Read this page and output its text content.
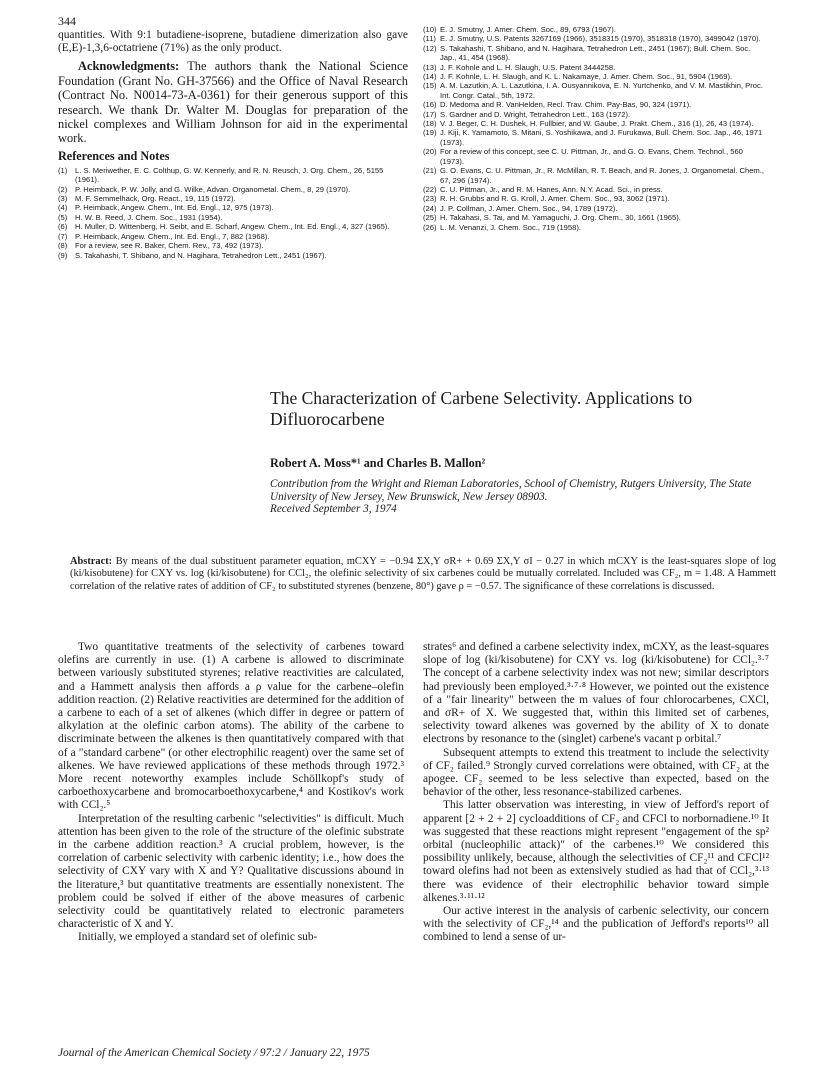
344
quantities. With 9:1 butadiene-isoprene, butadiene dimerization also gave (E,E)-1,3,6-octatriene (71%) as the only product.
Acknowledgments: The authors thank the National Science Foundation (Grant No. GH-37566) and the Office of Naval Research (Contract No. N0014-73-A-0361) for their generous support of this research. We thank Dr. Walter M. Douglas for preparation of the nickel complexes and William Johnson for aid in the experimental work.
References and Notes
(1)	L. S. Meriwether, E. C. Colthup, G. W. Kennerly, and R. N. Reusch, J. Org. Chem., 26, 5155 (1961).
(2)	P. Heimback, P. W. Jolly, and G. Wilke, Advan. Organometal. Chem., 8, 29 (1970).
(3)	M. F. Semmelhack, Org. React., 19, 115 (1972).
(4)	P. Heimback, Angew. Chem., Int. Ed. Engl., 12, 975 (1973).
(5)	H. W. B. Reed, J. Chem. Soc., 1931 (1954).
(6)	H. Muller, D. Wittenberg, H. Seibt, and E. Scharf, Angew. Chem., Int. Ed. Engl., 4, 327 (1965).
(7)	P. Heimback, Angew. Chem., Int. Ed. Engl., 7, 882 (1968).
(8)	For a review, see R. Baker, Chem. Rev., 73, 492 (1973).
(9)	S. Takahashi, T. Shibano, and N. Hagihara, Tetrahedron Lett., 2451 (1967).
(10) E. J. Smutny, J. Amer. Chem. Soc., 89, 6793 (1967).
(11) E. J. Smutny, U.S. Patents 3267169 (1966), 3518315 (1970), 3518318 (1970), 3499042 (1970).
(12) S. Takahashi, T. Shibano, and N. Hagihara, Tetrahedron Lett., 2451 (1967); Bull. Chem. Soc. Jap., 41, 454 (1968).
(13) J. F. Kohnle and L. H. Slaugh, U.S. Patent 3444258.
(14) J. F. Kohnle, L. H. Slaugh, and K. L. Nakamaye, J. Amer. Chem. Soc., 91, 5904 (1969).
(15) A. M. Lazutkin, A. L. Lazutkina, I. A. Ousyannikova, E. N. Yurtchenko, and V. M. Mastikhin, Proc. Int. Congr. Catal., 5th, 1972.
(16) D. Medoma and R. VanHelden, Recl. Trav. Chim. Pay-Bas, 90, 324 (1971).
(17) S. Gardner and D. Wright, Tetrahedron Lett., 163 (1972).
(18) V. J. Beger, C. H. Dushek, H. Fullbier, and W. Gaube, J. Prakt. Chem., 316 (1), 26, 43 (1974).
(19) J. Kiji, K. Yamamoto, S. Mitani, S. Yoshikawa, and J. Furukawa, Bull. Chem. Soc. Jap., 46, 1971 (1973).
(20) For a review of this concept, see C. U. Pittman, Jr., and G. O. Evans, Chem. Technol., 560 (1973).
(21) G. O. Evans, C. U. Pittman, Jr., R. McMillan, R. T. Beach, and R. Jones, J. Organometal. Chem., 67, 296 (1974).
(22) C. U. Pittman, Jr., and R. M. Hanes, Ann. N.Y. Acad. Sci., in press.
(23) R. H. Grubbs and R. G. Kroll, J. Amer. Chem. Soc., 93, 3062 (1971).
(24) J. P. Collman, J. Amer. Chem. Soc., 94, 1789 (1972).
(25) H. Takahasi, S. Tai, and M. Yamaguchi, J. Org. Chem., 30, 1661 (1965).
(26) L. M. Venanzi, J. Chem. Soc., 719 (1958).
The Characterization of Carbene Selectivity. Applications to Difluorocarbene
Robert A. Moss*¹ and Charles B. Mallon²
Contribution from the Wright and Rieman Laboratories, School of Chemistry, Rutgers University, The State University of New Jersey, New Brunswick, New Jersey 08903.
Received September 3, 1974
Abstract: By means of the dual substituent parameter equation, mCXY = −0.94 ΣX,Y σR+ + 0.69 ΣX,Y σI − 0.27 in which mCXY is the least-squares slope of log (ki/kisobutene) for CXY vs. log (ki/kisobutene) for CCl₂, the olefinic selectivity of six carbenes could be mutually correlated. Included was CF₂, m = 1.48. A Hammett correlation of the relative rates of addition of CF₂ to substituted styrenes (benzene, 80°) gave ρ = −0.57. The significance of these correlations is discussed.

Two quantitative treatments of the selectivity of carbenes toward olefins are currently in use. (1) A carbene is allowed to discriminate between variously substituted styrenes; relative reactivities are calculated, and a Hammett analysis then affords a ρ value for the carbene–olefin addition reaction. (2) Relative reactivities are determined for the addition of a carbene to each of a set of alkenes (which differ in degree or pattern of alkylation at the olefinic carbon atoms). The ability of the carbene to discriminate between the alkenes is then quantitatively compared with that of a "standard carbene" (or other electrophilic reagent) over the same set of alkenes. We have reviewed applications of these methods through 1972.³ More recent noteworthy examples include Schöllkopf's study of carboethoxycarbene and bromocarboethoxycarbene,⁴ and Kostikov's work with CCl₂.⁵

Interpretation of the resulting carbenic "selectivities" is difficult. Much attention has been given to the role of the structure of the olefinic substrate in the carbene addition reaction.³ A crucial problem, however, is the correlation of carbenic selectivity with carbenic identity; i.e., how does the selectivity of CXY vary with X and Y? Qualitative discussions abound in the literature,³ but quantitative treatments are essentially nonexistent. The problem could be solved if either of the above measures of carbenic selectivity could be quantitatively related to electronic parameters characteristic of X and Y.

Initially, we employed a standard set of olefinic sub-

strates⁶ and defined a carbene selectivity index, mCXY, as the least-squares slope of log (ki/kisobutene) for CXY vs. log (ki/kisobutene) for CCl₂.³·⁷ The concept of a carbene selectivity index was not new; similar descriptors had previously been employed.³·⁷·⁸ However, we pointed out the existence of a "fair linearity" between the m values of four chlorocarbenes, CXCl, and σR+ of X. We suggested that, within this limited set of carbenes, selectivity toward alkenes was governed by the ability of X to donate electrons by resonance to the (singlet) carbene's vacant p orbital.⁷

Subsequent attempts to extend this treatment to include the selectivity of CF₂ failed.⁹ Strongly curved correlations were obtained, with CF₂ at the apogee. CF₂ seemed to be less selective than expected, based on the behavior of the other, less resonance-stabilized carbenes.

This latter observation was interesting, in view of Jefford's report of apparent [2 + 2 + 2] cycloadditions of CF₂ and CFCl to norbornadiene.¹⁰ It was suggested that these reactions might represent "engagement of the sp² orbital (nucleophilic attack)" of the carbenes.¹⁰ We considered this possibility unlikely, because, although the selectivities of CF₂¹¹ and CFCl¹² toward olefins had not been as extensively studied as had that of CCl₂,³·¹³ there was evidence of their electrophilic behavior toward simple alkenes.³·¹¹·¹²

Our active interest in the analysis of carbenic selectivity, our concern with the selectivity of CF₂,¹⁴ and the publication of Jefford's reports¹⁰ all combined to lend a sense of ur-

Journal of the American Chemical Society / 97:2 / January 22, 1975
